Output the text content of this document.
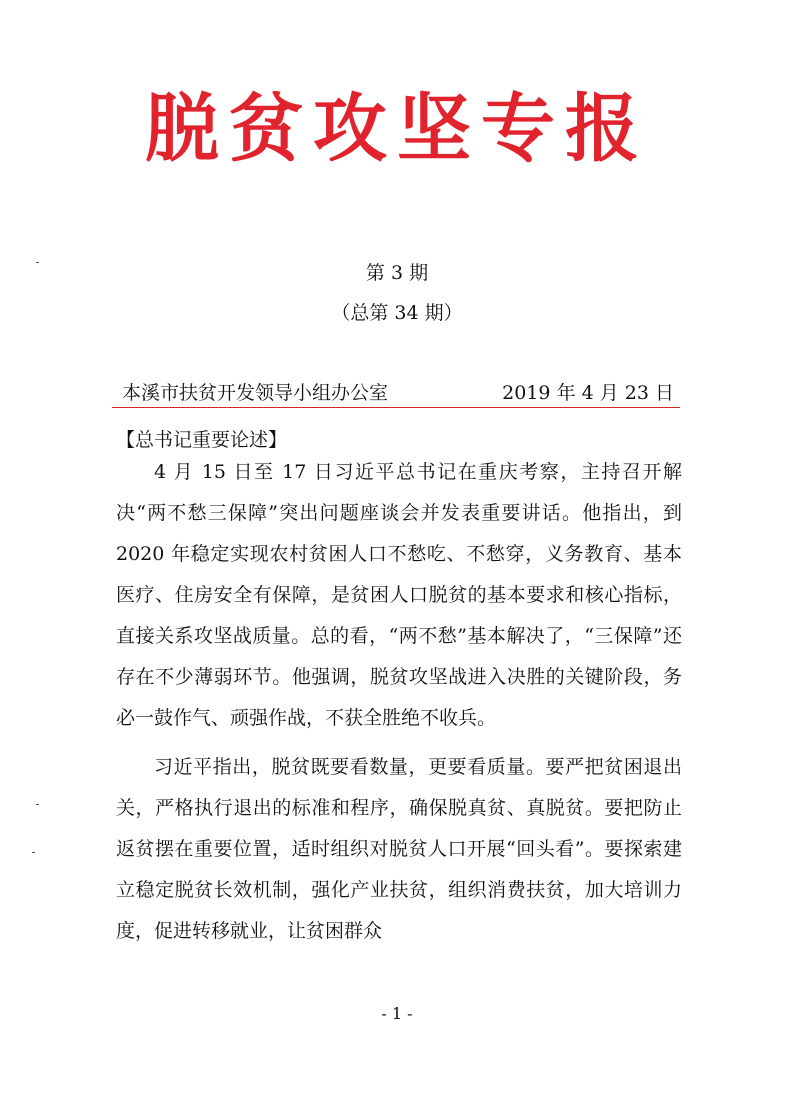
脱贫攻坚专报
第 3 期
（总第 34 期）
本溪市扶贫开发领导小组办公室	2019 年 4 月 23 日
【总书记重要论述】

4 月 15 日至 17 日习近平总书记在重庆考察，主持召开解决“两不愁三保障”突出问题座谈会并发表重要讲话。他指出，到 2020 年稳定实现农村贫困人口不愁吃、不愁穿，义务教育、基本医疗、住房安全有保障，是贫困人口脱贫的基本要求和核心指标，直接关系攻坚战质量。总的看，“两不愁”基本解决了，“三保障”还存在不少薄弱环节。他强调，脱贫攻坚战进入决胜的关键阶段，务必一鼓作气、顽强作战，不获全胜绝不收兵。

习近平指出，脱贫既要看数量，更要看质量。要严把贫困退出关，严格执行退出的标准和程序，确保脱真贫、真脱贫。要把防止返贫摆在重要位置，适时组织对脱贫人口开展“回头看”。要探索建立稳定脱贫长效机制，强化产业扶贫，组织消费扶贫，加大培训力度，促进转移就业，让贫困群众

- 1 -
